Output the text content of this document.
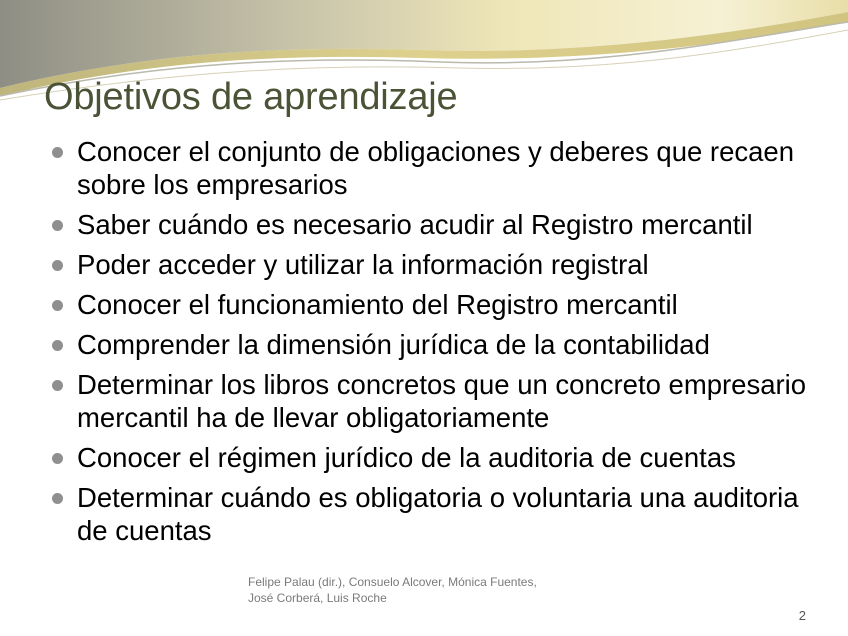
Objetivos de aprendizaje
Conocer el conjunto de obligaciones y deberes que recaen sobre los empresarios
Saber cuándo es necesario acudir al Registro mercantil
Poder acceder y utilizar la información registral
Conocer el funcionamiento del Registro mercantil
Comprender la dimensión jurídica de la contabilidad
Determinar los libros concretos que un concreto empresario mercantil ha de llevar obligatoriamente
Conocer el régimen jurídico de la auditoria de cuentas
Determinar cuándo es obligatoria o voluntaria una auditoria de cuentas
Felipe Palau (dir.), Consuelo Alcover, Mónica Fuentes, José Corberá, Luis Roche
2
